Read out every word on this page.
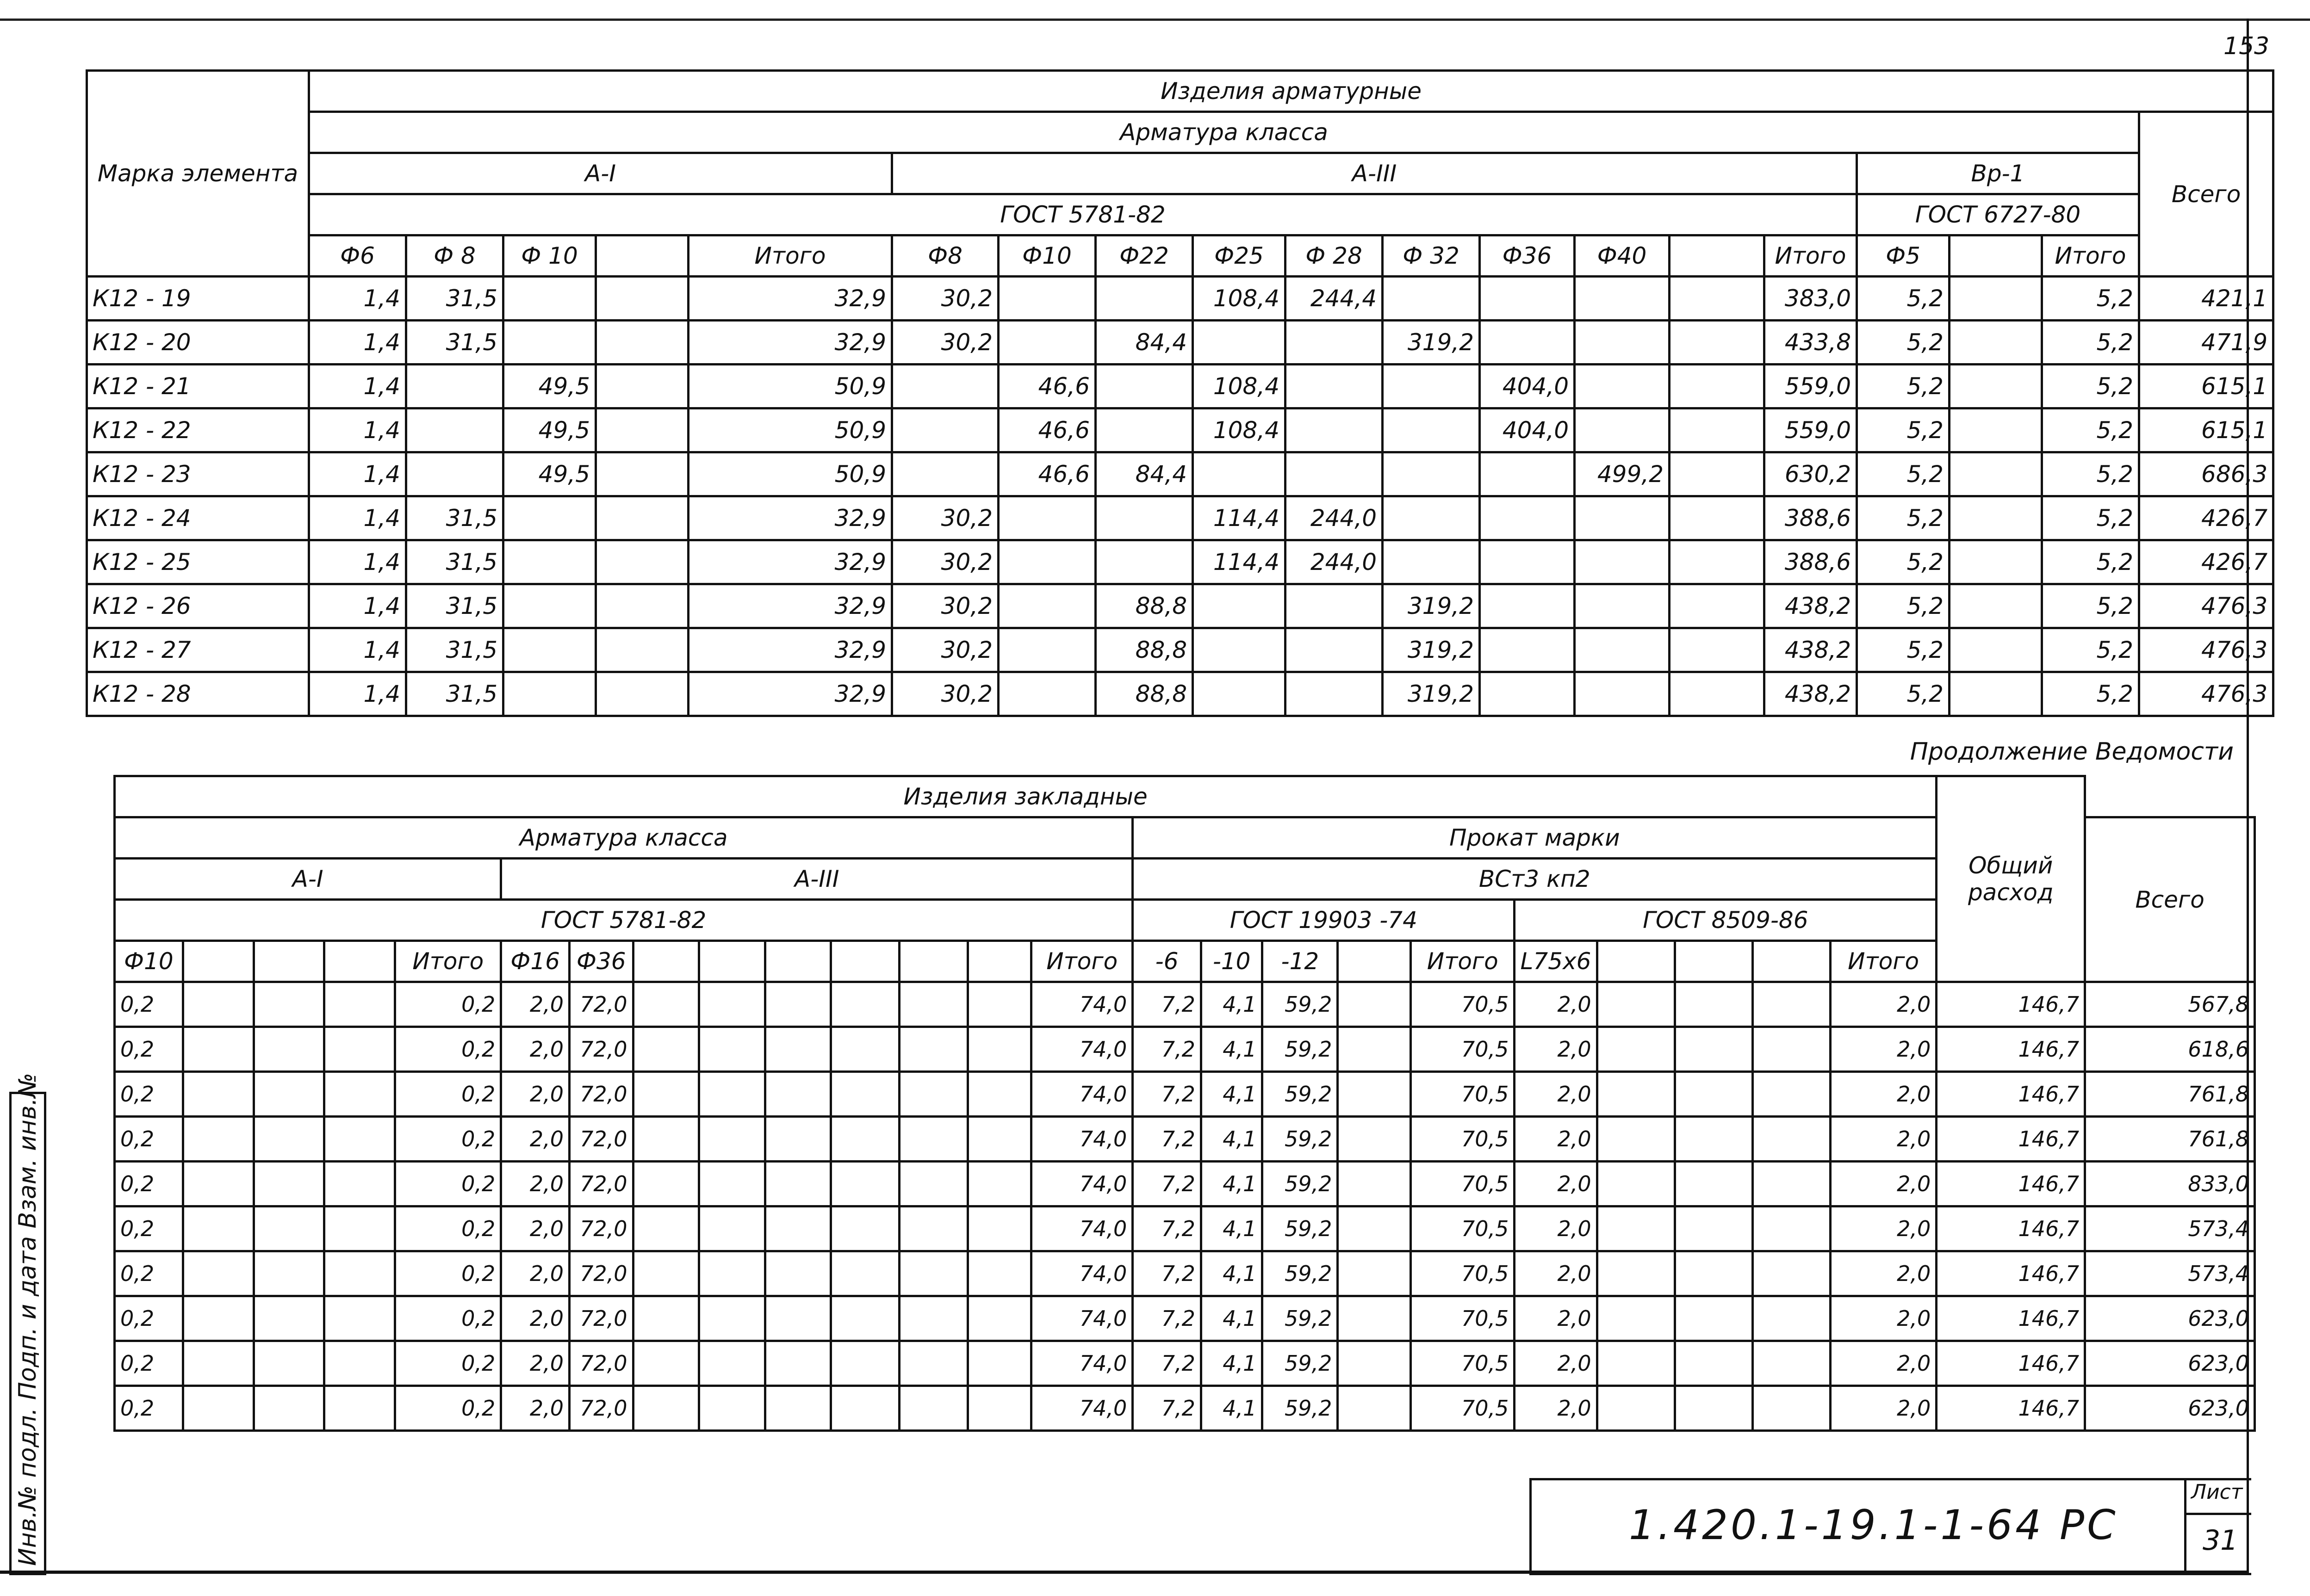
153
Марка элемента	Изделия арматурные																		
	Арматура класса																		Всего
	А-I					А-III										Вр-1			
	ГОСТ 5781-82															ГОСТ 6727-80			
	Ф6	Ф 8	Ф 10		Итого	Ф8	Ф10	Ф22	Ф25	Ф 28	Ф 32	Ф36	Ф40		Итого	Ф5		Итого	
К12 - 19	1,4	31,5			32,9	30,2			108,4	244,4					383,0	5,2		5,2	421,1
К12 - 20	1,4	31,5			32,9	30,2		84,4			319,2				433,8	5,2		5,2	471,9
К12 - 21	1,4		49,5		50,9		46,6		108,4			404,0			559,0	5,2		5,2	615,1
К12 - 22	1,4		49,5		50,9		46,6		108,4			404,0			559,0	5,2		5,2	615,1
К12 - 23	1,4		49,5		50,9		46,6	84,4					499,2		630,2	5,2		5,2	686,3
К12 - 24	1,4	31,5			32,9	30,2			114,4	244,0					388,6	5,2		5,2	426,7
К12 - 25	1,4	31,5			32,9	30,2			114,4	244,0					388,6	5,2		5,2	426,7
К12 - 26	1,4	31,5			32,9	30,2		88,8			319,2				438,2	5,2		5,2	476,3
К12 - 27	1,4	31,5			32,9	30,2		88,8			319,2				438,2	5,2		5,2	476,3
К12 - 28	1,4	31,5			32,9	30,2		88,8			319,2				438,2	5,2		5,2	476,3
Продолжение Ведомости
Изделия закладные																								Общий расход	
Арматура класса														Прокат марки											Всего
А-I					А-III									ВСт3 кп2											
ГОСТ 5781-82														ГОСТ 19903 -74					ГОСТ 8509-86						
Ф10				Итого	Ф16	Ф36							Итого	-6	-10	-12		Итого	L75х6				Итого		
0,2				0,2	2,0	72,0							74,0	7,2	4,1	59,2		70,5	2,0				2,0	146,7	567,8
0,2				0,2	2,0	72,0							74,0	7,2	4,1	59,2		70,5	2,0				2,0	146,7	618,6
0,2				0,2	2,0	72,0							74,0	7,2	4,1	59,2		70,5	2,0				2,0	146,7	761,8
0,2				0,2	2,0	72,0							74,0	7,2	4,1	59,2		70,5	2,0				2,0	146,7	761,8
0,2				0,2	2,0	72,0							74,0	7,2	4,1	59,2		70,5	2,0				2,0	146,7	833,0
0,2				0,2	2,0	72,0							74,0	7,2	4,1	59,2		70,5	2,0				2,0	146,7	573,4
0,2				0,2	2,0	72,0							74,0	7,2	4,1	59,2		70,5	2,0				2,0	146,7	573,4
0,2				0,2	2,0	72,0							74,0	7,2	4,1	59,2		70,5	2,0				2,0	146,7	623,0
0,2				0,2	2,0	72,0							74,0	7,2	4,1	59,2		70,5	2,0				2,0	146,7	623,0
0,2				0,2	2,0	72,0							74,0	7,2	4,1	59,2		70,5	2,0				2,0	146,7	623,0
1.420.1-19.1-1-64 РС
Лист
31
Инв.№ подл. Подп. и дата Взам. инв.№
